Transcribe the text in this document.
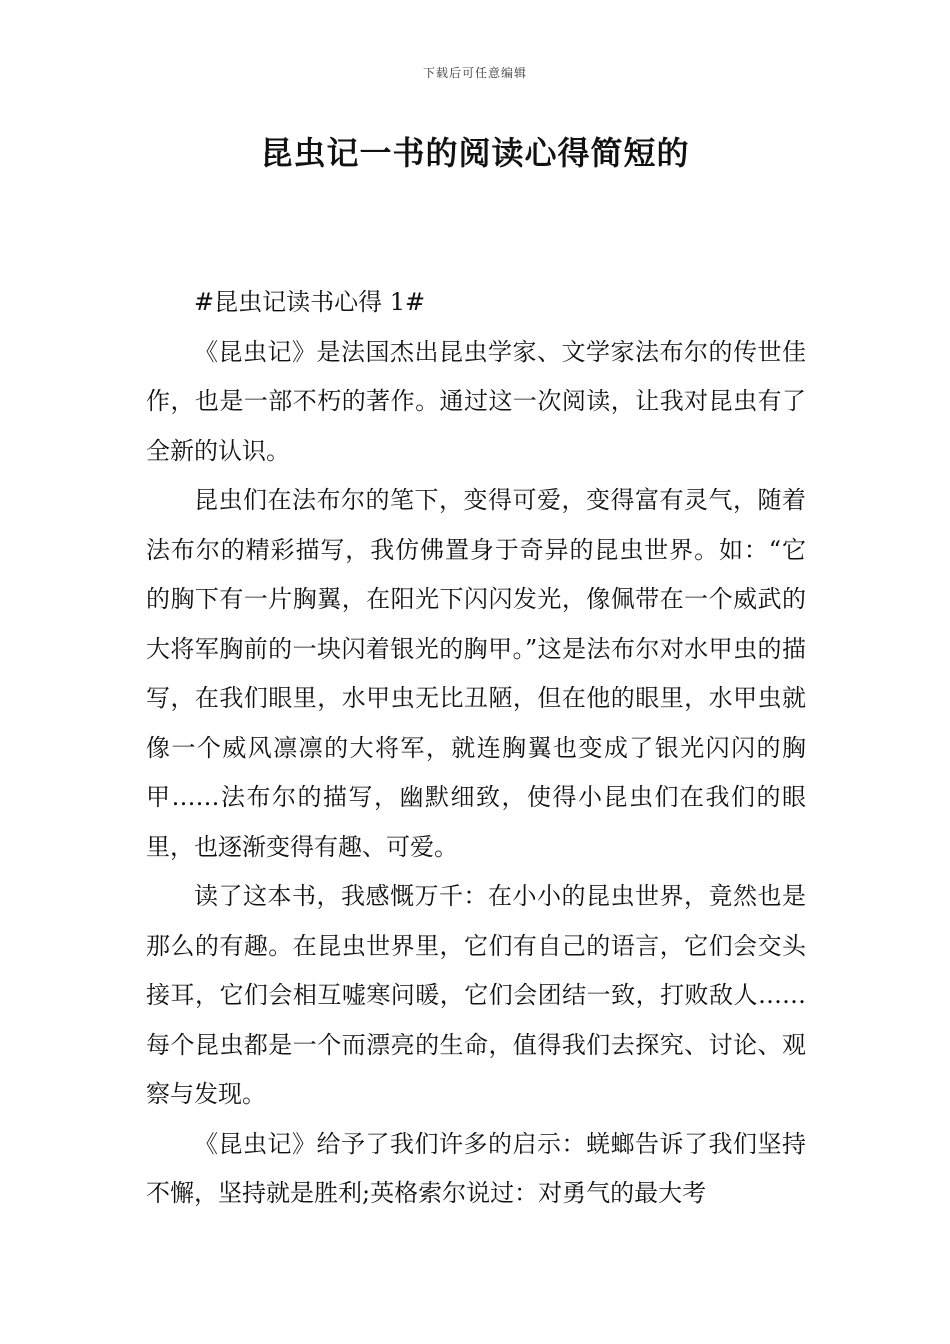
下载后可任意编辑
昆虫记一书的阅读心得简短的
#昆虫记读书心得 1#

《昆虫记》是法国杰出昆虫学家、文学家法布尔的传世佳作，也是一部不朽的著作。通过这一次阅读，让我对昆虫有了全新的认识。

昆虫们在法布尔的笔下，变得可爱，变得富有灵气，随着法布尔的精彩描写，我仿佛置身于奇异的昆虫世界。如：“它的胸下有一片胸翼，在阳光下闪闪发光，像佩带在一个威武的大将军胸前的一块闪着银光的胸甲。”这是法布尔对水甲虫的描写，在我们眼里，水甲虫无比丑陋，但在他的眼里，水甲虫就像一个威风凛凛的大将军，就连胸翼也变成了银光闪闪的胸甲……法布尔的描写，幽默细致，使得小昆虫们在我们的眼里，也逐渐变得有趣、可爱。

读了这本书，我感慨万千：在小小的昆虫世界，竟然也是那么的有趣。在昆虫世界里，它们有自己的语言，它们会交头接耳，它们会相互嘘寒问暖，它们会团结一致，打败敌人……每个昆虫都是一个而漂亮的生命，值得我们去探究、讨论、观察与发现。

《昆虫记》给予了我们许多的启示：蜣螂告诉了我们坚持不懈，坚持就是胜利;英格索尔说过：对勇气的最大考
